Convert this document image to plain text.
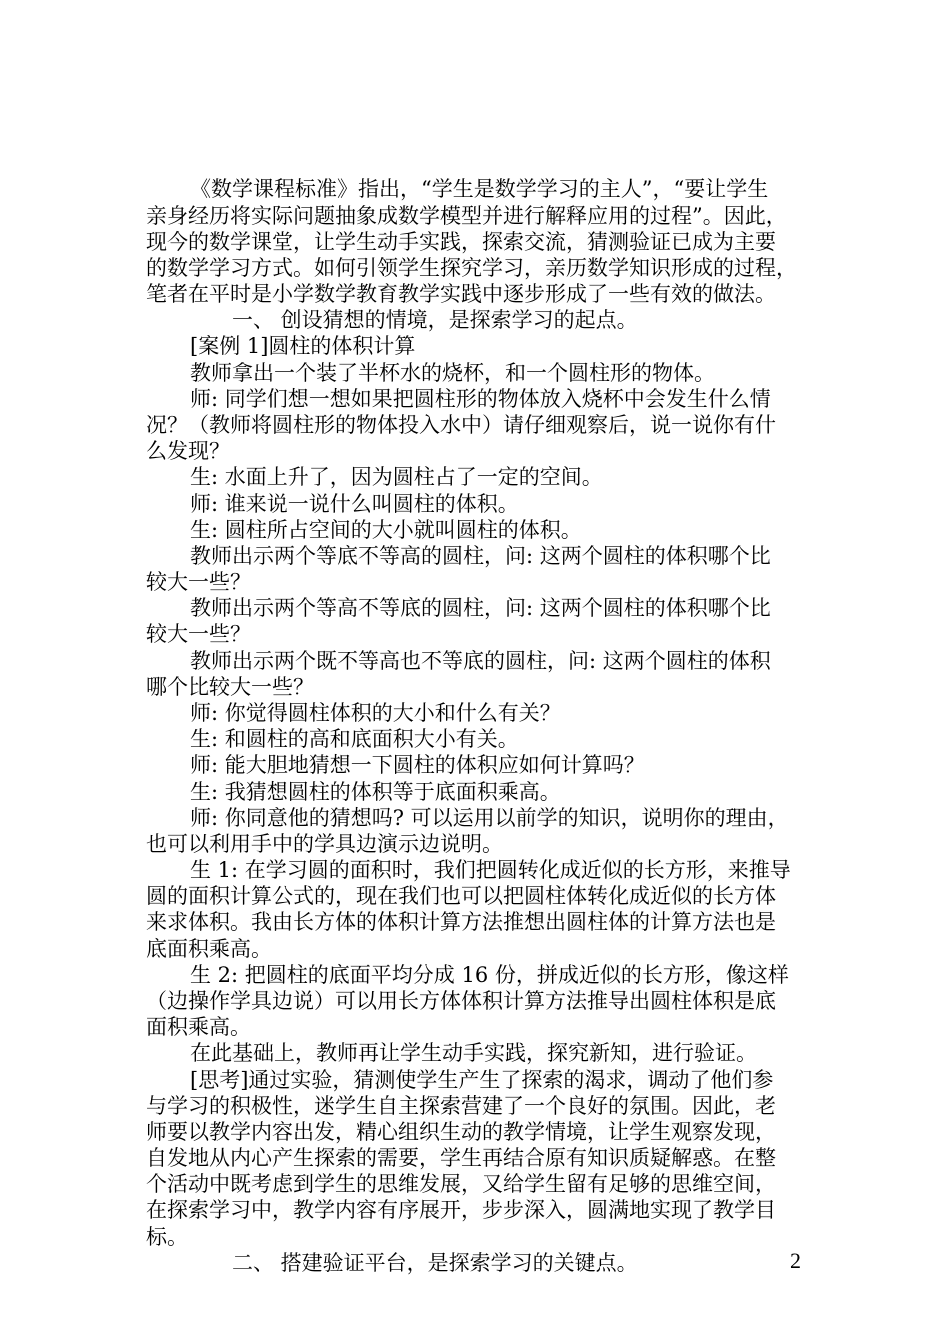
《数学课程标准》指出，“学生是数学学习的主人”，“要让学生

亲身经历将实际问题抽象成数学模型并进行解释应用的过程”。因此，

现今的数学课堂，让学生动手实践，探索交流，猜测验证已成为主要

的数学学习方式。如何引领学生探究学习，亲历数学知识形成的过程，

笔者在平时是小学数学教育教学实践中逐步形成了一些有效的做法。

一、 创设猜想的情境，是探索学习的起点。

[案例 1]圆柱的体积计算

教师拿出一个装了半杯水的烧杯，和一个圆柱形的物体。

师: 同学们想一想如果把圆柱形的物体放入烧杯中会发生什么情

况？（教师将圆柱形的物体投入水中）请仔细观察后，说一说你有什

么发现？

生: 水面上升了，因为圆柱占了一定的空间。

师: 谁来说一说什么叫圆柱的体积。

生: 圆柱所占空间的大小就叫圆柱的体积。

教师出示两个等底不等高的圆柱，问: 这两个圆柱的体积哪个比

较大一些？

教师出示两个等高不等底的圆柱，问: 这两个圆柱的体积哪个比

较大一些？

教师出示两个既不等高也不等底的圆柱，问: 这两个圆柱的体积

哪个比较大一些？

师: 你觉得圆柱体积的大小和什么有关？

生: 和圆柱的高和底面积大小有关。

师: 能大胆地猜想一下圆柱的体积应如何计算吗？

生: 我猜想圆柱的体积等于底面积乘高。

师: 你同意他的猜想吗? 可以运用以前学的知识，说明你的理由，

也可以利用手中的学具边演示边说明。

生 1: 在学习圆的面积时，我们把圆转化成近似的长方形，来推导

圆的面积计算公式的，现在我们也可以把圆柱体转化成近似的长方体

来求体积。我由长方体的体积计算方法推想出圆柱体的计算方法也是

底面积乘高。

生 2: 把圆柱的底面平均分成 16 份，拼成近似的长方形，像这样

（边操作学具边说）可以用长方体体积计算方法推导出圆柱体积是底

面积乘高。

在此基础上，教师再让学生动手实践，探究新知，进行验证。

[思考]通过实验，猜测使学生产生了探索的渴求，调动了他们参

与学习的积极性，迷学生自主探索营建了一个良好的氛围。因此，老

师要以教学内容出发，精心组织生动的教学情境，让学生观察发现，

自发地从内心产生探索的需要，学生再结合原有知识质疑解惑。在整

个活动中既考虑到学生的思维发展，又给学生留有足够的思维空间，

在探索学习中，教学内容有序展开，步步深入，圆满地实现了教学目

标。

二、 搭建验证平台，是探索学习的关键点。	2
